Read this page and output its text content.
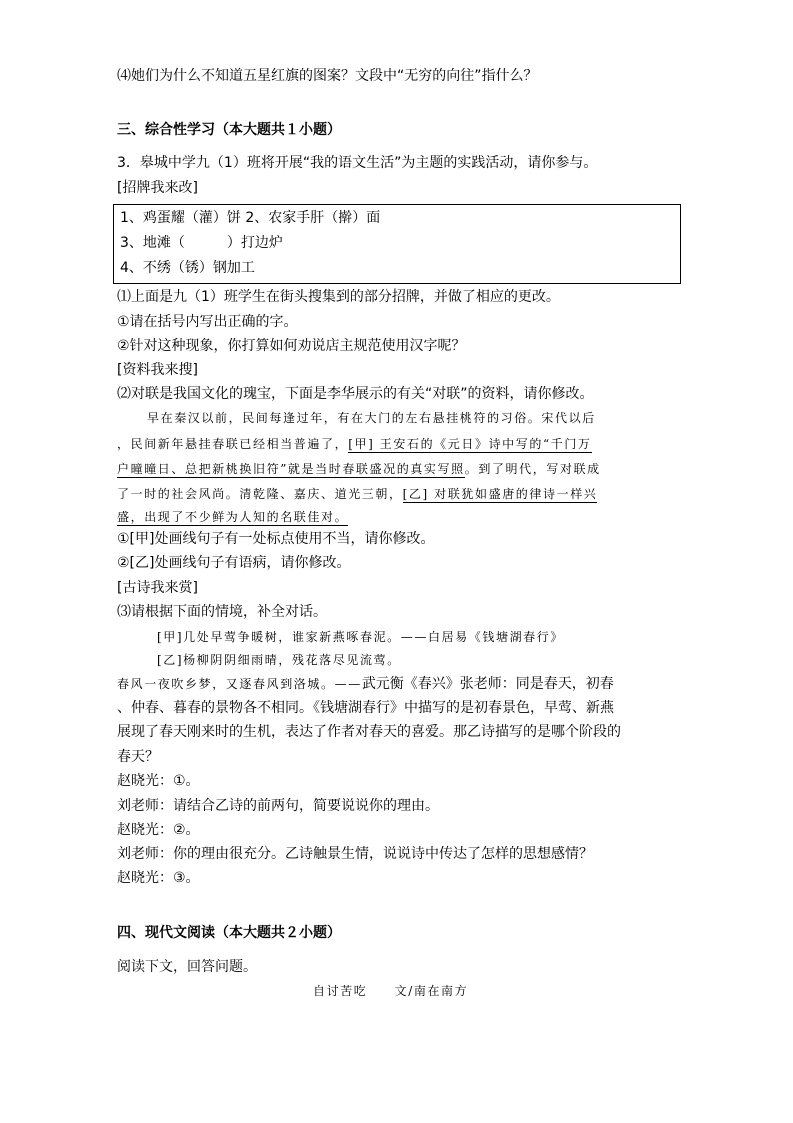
⑷她们为什么不知道五星红旗的图案？文段中“无穷的向往”指什么？
三、综合性学习（本大题共１小题）
3．皋城中学九（1）班将开展“我的语文生活”为主题的实践活动，请你参与。
[招牌我来改]
1、鸡蛋耀（灌）饼 2、农家手肝（擀）面
3、地滩（　　　）打边炉
4、不绣（锈）钢加工
⑴上面是九（1）班学生在街头搜集到的部分招牌，并做了相应的更改。
①请在括号内写出正确的字。
②针对这种现象，你打算如何劝说店主规范使用汉字呢？
[资料我来搜]
⑵对联是我国文化的瑰宝，下面是李华展示的有关“对联”的资料，请你修改。
早在秦汉以前，民间每逢过年，有在大门的左右悬挂桃符的习俗。宋代以后
，民间新年悬挂春联已经相当普遍了，[甲] 王安石的《元日》诗中写的“千门万
户曈曈日、总把新桃换旧符”就是当时春联盛况的真实写照。到了明代，写对联成
了一时的社会风尚。清乾隆、嘉庆、道光三朝，[乙] 对联犹如盛唐的律诗一样兴
盛，出现了不少鲜为人知的名联佳对。
①[甲]处画线句子有一处标点使用不当，请你修改。
②[乙]处画线句子有语病，请你修改。
[古诗我来赏]
⑶请根据下面的情境，补全对话。
[甲]几处早莺争暖树，谁家新燕啄春泥。——白居易《钱塘湖春行》
[乙]杨柳阴阴细雨晴，残花落尽见流莺。
春风一夜吹乡梦，又逐春风到洛城。——武元衡《春兴》张老师：同是春天，初春
、仲春、暮春的景物各不相同。《钱塘湖春行》中描写的是初春景色，早莺、新燕
展现了春天刚来时的生机，表达了作者对春天的喜爱。那乙诗描写的是哪个阶段的
春天？
赵晓光：①。
刘老师：请结合乙诗的前两句，简要说说你的理由。
赵晓光：②。
刘老师：你的理由很充分。乙诗触景生情，说说诗中传达了怎样的思想感情？
赵晓光：③。
四、现代文阅读（本大题共２小题）
阅读下文，回答问题。
自讨苦吃　　文/南在南方
